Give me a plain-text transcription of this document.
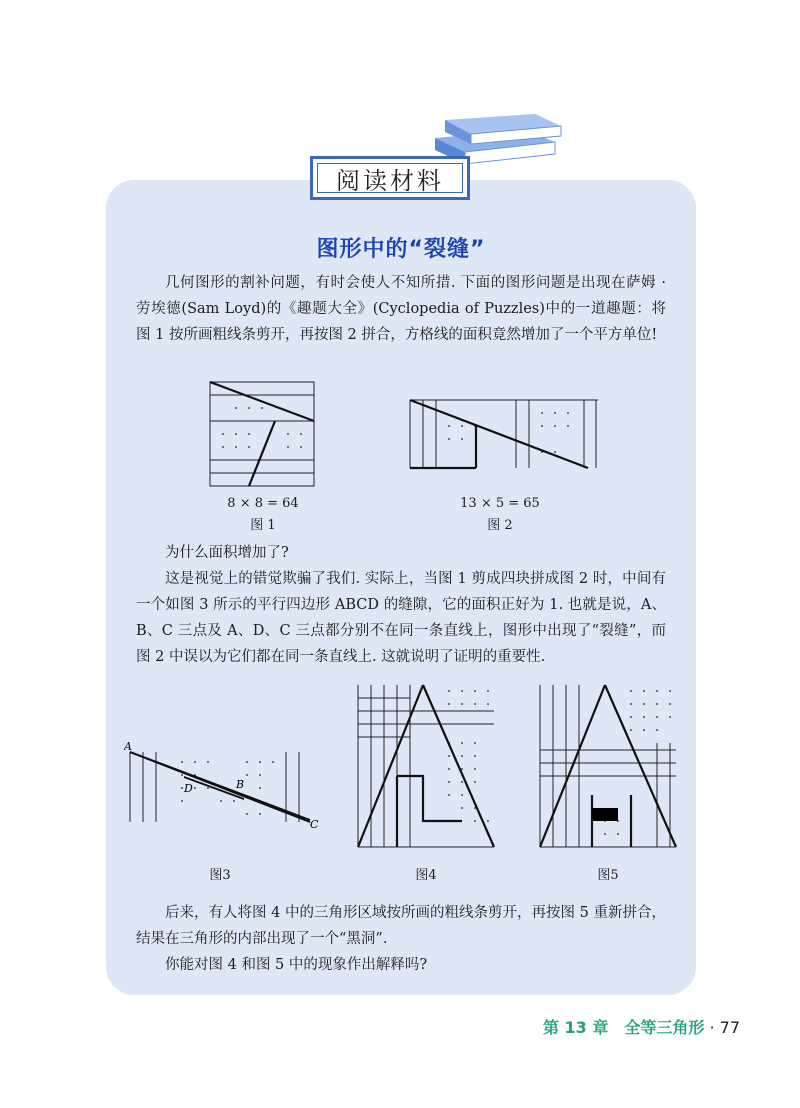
阅读材料
图形中的“裂缝”

几何图形的割补问题，有时会使人不知所措. 下面的图形问题是出现在萨姆 · 劳埃德(Sam Loyd)的《趣题大全》(Cyclopedia of Puzzles)中的一道趣题：将图 1 按所画粗线条剪开，再按图 2 拼合，方格线的面积竟然增加了一个平方单位!

8 × 8 = 64
图 1
13 × 5 = 65
图 2

为什么面积增加了?

这是视觉上的错觉欺骗了我们. 实际上，当图 1 剪成四块拼成图 2 时，中间有一个如图 3 所示的平行四边形 ABCD 的缝隙，它的面积正好为 1. 也就是说，A、B、C 三点及 A、D、C 三点都分别不在同一条直线上，图形中出现了“裂缝”，而图 2 中误以为它们都在同一条直线上. 这就说明了证明的重要性.

A
D	B
C
图3	图4	图5

后来，有人将图 4 中的三角形区域按所画的粗线条剪开，再按图 5 重新拼合，结果在三角形的内部出现了一个“黑洞”.

你能对图 4 和图 5 中的现象作出解释吗?

第 13 章　全等三角形 · 77
